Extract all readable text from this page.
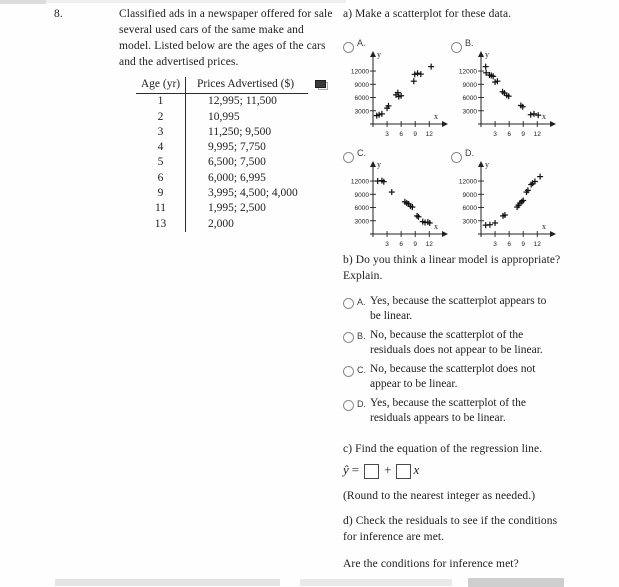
8.	Classified ads in a newspaper offered for sale
several used cars of the same make and
model. Listed below are the ages of the cars
and the advertised prices.
Age (yr)	Prices Advertised ($)
1	12,995; 11,500
2	10,995
3	11,250; 9,500
4	9,995; 7,750
5	6,500; 7,500
6	6,000; 6,995
9	3,995; 4,500; 4,000
11	1,995; 2,500
13	2,000
a) Make a scatterplot for these data.
$^{A.}$
y
x
3000
6000
9000
12000
3 6 9 12
$^{B.}$
y
x
3000
6000
9000
12000
3 6 9 12
$^{C.}$
y
x
3000
6000
9000
12000
3 6 9 12
$^{D.}$
y
x
3000
6000
9000
12000
3 6 9 12
b) Do you think a linear model is appropriate?
Explain.
$^{A.}$ Yes, because the scatterplot appears to
be linear.
$^{B.}$ No, because the scatterplot of the
residuals does not appear to be linear.
$^{C.}$ No, because the scatterplot does not
appear to be linear.
$^{D.}$ Yes, because the scatterplot of the
residuals appears to be linear.
c) Find the equation of the regression line.
ŷ = + x
(Round to the nearest integer as needed.)
d) Check the residuals to see if the conditions
for inference are met.
Are the conditions for inference met?
